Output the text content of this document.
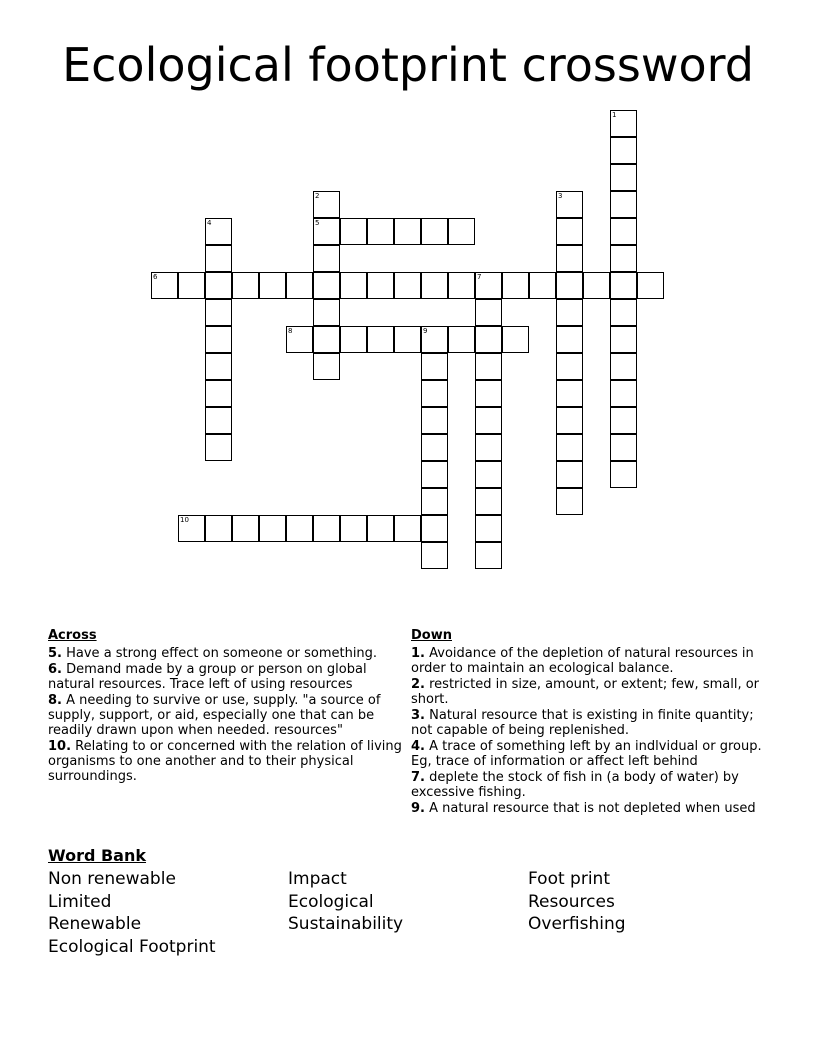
Ecological footprint crossword
1
2
5
3
4
6	7
8	9
10
Across
5. Have a strong effect on someone or something.
6. Demand made by a group or person on global natural resources. Trace left of using resources
8. A needing to survive or use, supply. "a source of supply, support, or aid, especially one that can be readily drawn upon when needed. resources"
10. Relating to or concerned with the relation of living organisms to one another and to their physical surroundings.
Down
1. Avoidance of the depletion of natural resources in order to maintain an ecological balance.
2. restricted in size, amount, or extent; few, small, or short.
3. Natural resource that is existing in finite quantity; not capable of being replenished.
4. A trace of something left by an indlvidual or group. Eg, trace of information or affect left behind
7. deplete the stock of fish in (a body of water) by excessive fishing.
9. A natural resource that is not depleted when used
Word Bank
Non renewable	Impact	Foot print
Limited	Ecological	Resources
Renewable	Sustainability	Overfishing
Ecological Footprint
